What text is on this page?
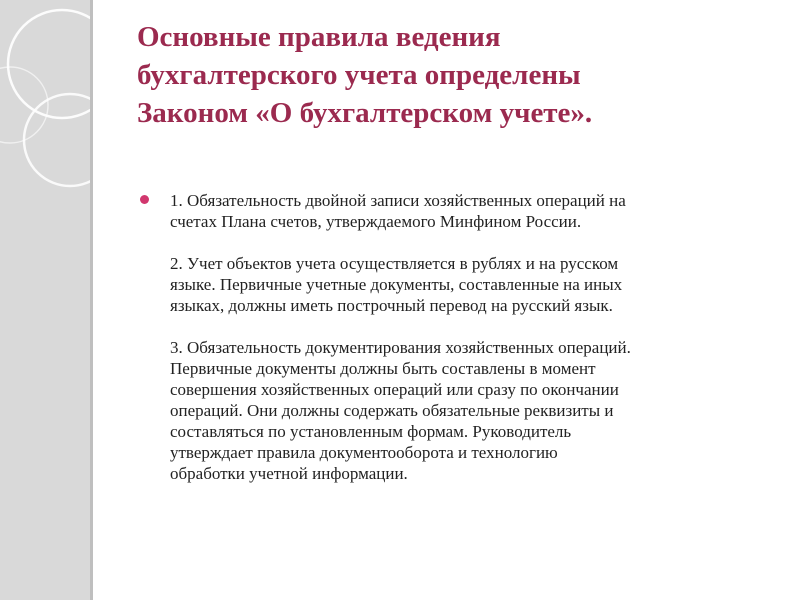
Основные правила ведения
бухгалтерского учета определены
Законом «О бухгалтерском учете».

1. Обязательность двойной записи хозяйственных операций на
счетах Плана счетов, утверждаемого Минфином России.

2. Учет объектов учета осуществляется в рублях и на русском
языке. Первичные учетные документы, составленные на иных
языках, должны иметь построчный перевод на русский язык.

3. Обязательность документирования хозяйственных операций.
Первичные документы должны быть составлены в момент
совершения хозяйственных операций или сразу по окончании
операций. Они должны содержать обязательные реквизиты и
составляться по установленным формам. Руководитель
утверждает правила документооборота и технологию
обработки учетной информации.
